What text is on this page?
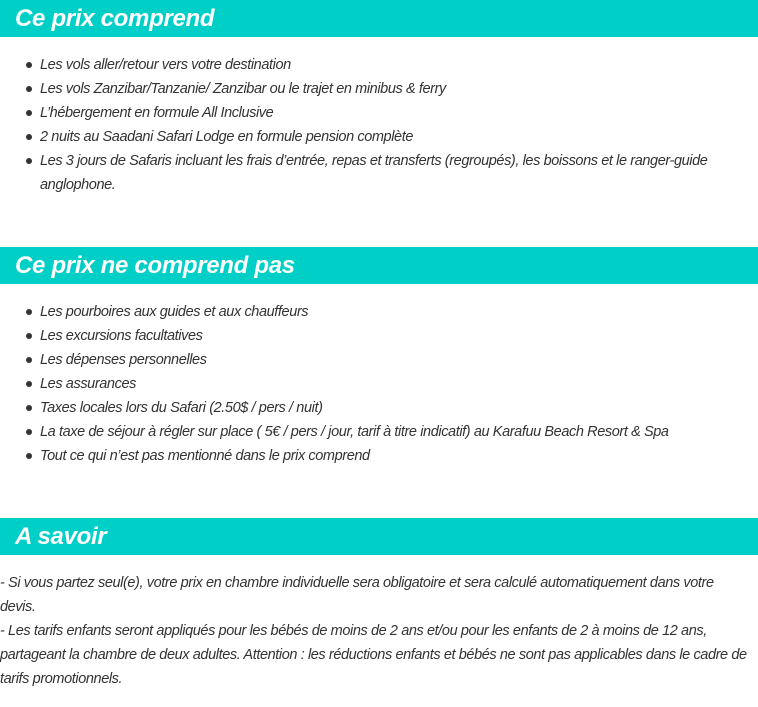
Ce prix comprend
Les vols aller/retour vers votre destination
Les vols Zanzibar/Tanzanie/ Zanzibar ou le trajet en minibus & ferry
L’hébergement en formule All Inclusive
2 nuits au Saadani Safari Lodge en formule pension complète
Les 3 jours de Safaris incluant les frais d’entrée, repas et transferts (regroupés), les boissons et le ranger-guide anglophone.
Ce prix ne comprend pas
Les pourboires aux guides et aux chauffeurs
Les excursions facultatives
Les dépenses personnelles
Les assurances
Taxes locales lors du Safari (2.50$ / pers / nuit)
La taxe de séjour à régler sur place ( 5€ / pers / jour, tarif à titre indicatif) au Karafuu Beach Resort & Spa
Tout ce qui n’est pas mentionné dans le prix comprend
A savoir

- Si vous partez seul(e), votre prix en chambre individuelle sera obligatoire et sera calculé automatiquement dans votre devis.

- Les tarifs enfants seront appliqués pour les bébés de moins de 2 ans et/ou pour les enfants de 2 à moins de 12 ans, partageant la chambre de deux adultes. Attention : les réductions enfants et bébés ne sont pas applicables dans le cadre de tarifs promotionnels.
